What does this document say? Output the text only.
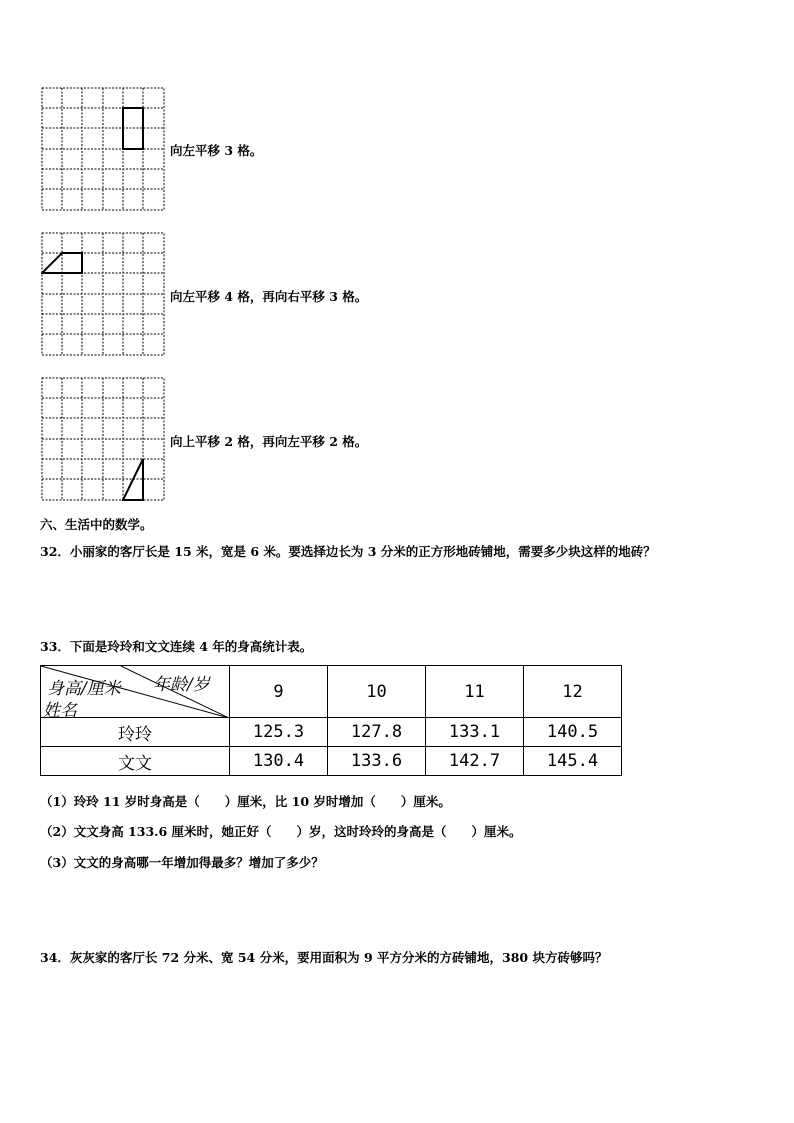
向左平移 3 格。
向左平移 4 格，再向右平移 3 格。
向上平移 2 格，再向左平移 2 格。
六、生活中的数学。
32．小丽家的客厅长是 15 米，宽是 6 米。要选择边长为 3 分米的正方形地砖铺地，需要多少块这样的地砖？
33．下面是玲玲和文文连续 4 年的身高统计表。
身高/厘米 年龄/岁
姓名	9	10	11	12
玲玲	125.3	127.8	133.1	140.5
文文	130.4	133.6	142.7	145.4
（1）玲玲 11 岁时身高是（　　）厘米，比 10 岁时增加（　　）厘米。
（2）文文身高 133.6 厘米时，她正好（　　）岁，这时玲玲的身高是（　　）厘米。
（3）文文的身高哪一年增加得最多？增加了多少？
34．灰灰家的客厅长 72 分米、宽 54 分米，要用面积为 9 平方分米的方砖铺地，380 块方砖够吗？
